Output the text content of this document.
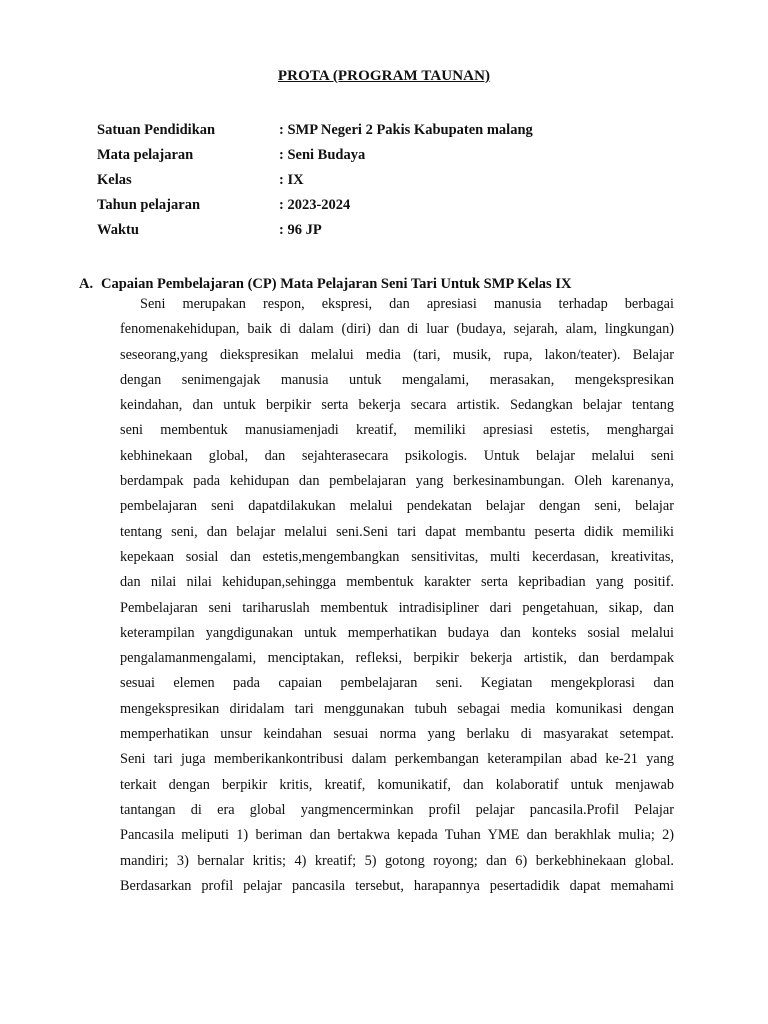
PROTA (PROGRAM TAUNAN)
Satuan Pendidikan	: SMP Negeri 2 Pakis Kabupaten malang
Mata pelajaran	: Seni Budaya
Kelas	: IX
Tahun pelajaran	: 2023-2024
Waktu	: 96 JP
A. Capaian Pembelajaran (CP) Mata Pelajaran Seni Tari Untuk SMP Kelas IX
Seni merupakan respon, ekspresi, dan apresiasi manusia terhadap berbagai
fenomenakehidupan, baik di dalam (diri) dan di luar (budaya, sejarah, alam, lingkungan)
seseorang,yang diekspresikan melalui media (tari, musik, rupa, lakon/teater). Belajar
dengan senimengajak manusia untuk mengalami, merasakan, mengekspresikan
keindahan, dan untuk berpikir serta bekerja secara artistik. Sedangkan belajar tentang
seni membentuk manusiamenjadi kreatif, memiliki apresiasi estetis, menghargai
kebhinekaan global, dan sejahterasecara psikologis. Untuk belajar melalui seni
berdampak pada kehidupan dan pembelajaran yang berkesinambungan. Oleh karenanya,
pembelajaran seni dapatdilakukan melalui pendekatan belajar dengan seni, belajar
tentang seni, dan belajar melalui seni.Seni tari dapat membantu peserta didik memiliki
kepekaan sosial dan estetis,mengembangkan sensitivitas, multi kecerdasan, kreativitas,
dan nilai nilai kehidupan,sehingga membentuk karakter serta kepribadian yang positif.
Pembelajaran seni tariharuslah membentuk intradisipliner dari pengetahuan, sikap, dan
keterampilan yangdigunakan untuk memperhatikan budaya dan konteks sosial melalui
pengalamanmengalami, menciptakan, refleksi, berpikir bekerja artistik, dan berdampak
sesuai elemen pada capaian pembelajaran seni. Kegiatan mengekplorasi dan
mengekspresikan diridalam tari menggunakan tubuh sebagai media komunikasi dengan
memperhatikan unsur keindahan sesuai norma yang berlaku di masyarakat setempat.
Seni tari juga memberikankontribusi dalam perkembangan keterampilan abad ke-21 yang
terkait dengan berpikir kritis, kreatif, komunikatif, dan kolaboratif untuk menjawab
tantangan di era global yangmencerminkan profil pelajar pancasila.Profil Pelajar
Pancasila meliputi 1) beriman dan bertakwa kepada Tuhan YME dan berakhlak mulia; 2)
mandiri; 3) bernalar kritis; 4) kreatif; 5) gotong royong; dan 6) berkebhinekaan global.
Berdasarkan profil pelajar pancasila tersebut, harapannya pesertadidik dapat memahami
